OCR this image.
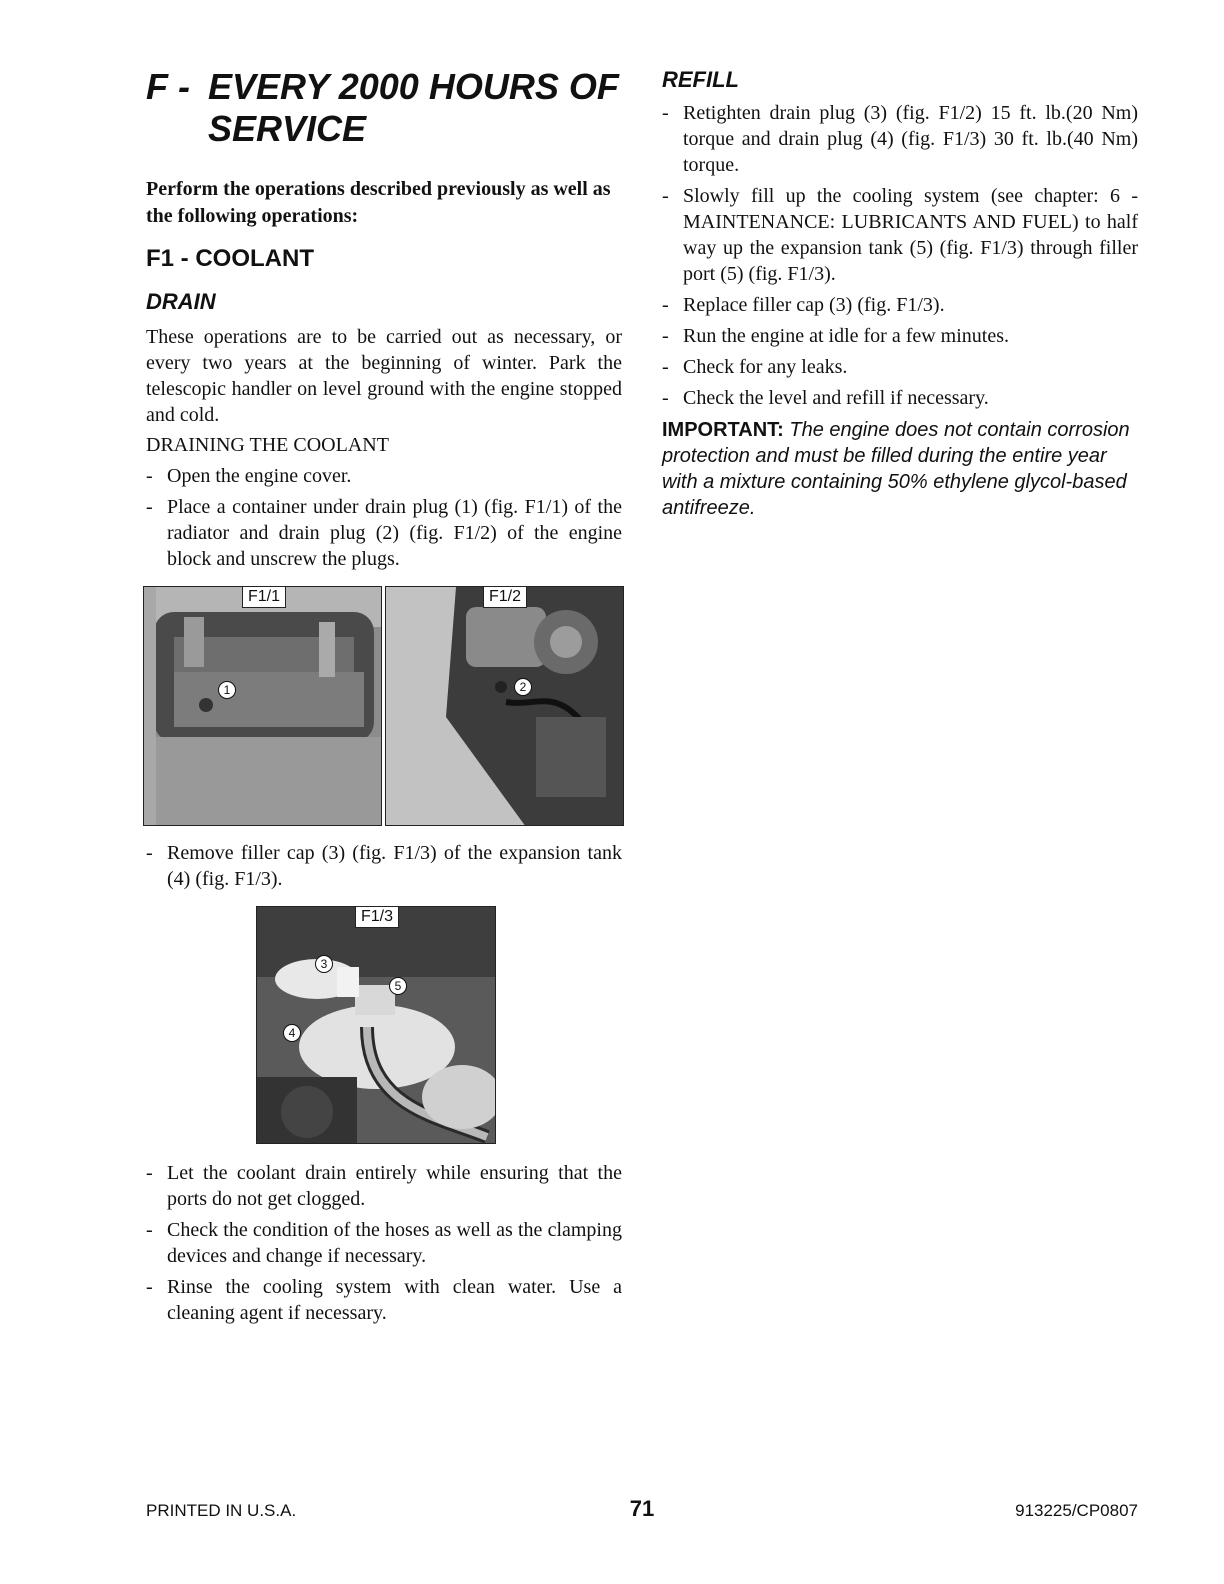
F - EVERY 2000 HOURS OF
SERVICE

Perform the operations described previously as well as the following operations:

F1 - COOLANT
DRAIN

These operations are to be carried out as necessary, or every two years at the beginning of winter. Park the telescopic handler on level ground with the engine stopped and cold.

DRAINING THE COOLANT

- Open the engine cover.
- Place a container under drain plug (1) (fig. F1/1) of the radiator and drain plug (2) (fig. F1/2) of the engine block and unscrew the plugs.
F1/1
1
F1/2
2
- Remove filler cap (3) (fig. F1/3) of the expansion tank (4) (fig. F1/3).
F1/3
3
5
4
- Let the coolant drain entirely while ensuring that the ports do not get clogged.
- Check the condition of the hoses as well as the clamping devices and change if necessary.
- Rinse the cooling system with clean water. Use a cleaning agent if necessary.
REFILL
- Retighten drain plug (3) (fig. F1/2) 15 ft. lb.(20 Nm) torque and drain plug (4) (fig. F1/3) 30 ft. lb.(40 Nm) torque.
- Slowly fill up the cooling system (see chapter: 6 - MAINTENANCE: LUBRICANTS AND FUEL) to half way up the expansion tank (5) (fig. F1/3) through filler port (5) (fig. F1/3).
- Replace filler cap (3) (fig. F1/3).
- Run the engine at idle for a few minutes.
- Check for any leaks.
- Check the level and refill if necessary.

IMPORTANT: The engine does not contain corrosion protection and must be filled during the entire year with a mixture containing 50% ethylene glycol-based antifreeze.

PRINTED IN U.S.A.	71	913225/CP0807
